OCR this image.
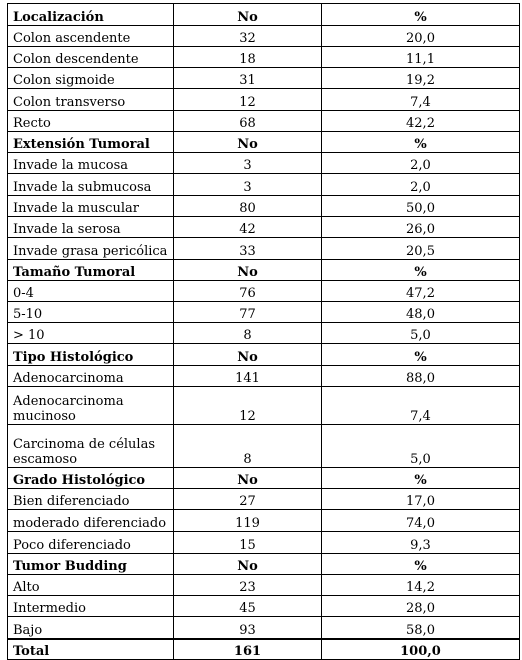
Localización	No	%
Colon ascendente	32	20,0
Colon descendente	18	11,1
Colon sigmoide	31	19,2
Colon transverso	12	7,4
Recto	68	42,2
Extensión Tumoral	No	%
Invade la mucosa	3	2,0
Invade la submucosa	3	2,0
Invade la muscular	80	50,0
Invade la serosa	42	26,0
Invade grasa pericólica	33	20,5
Tamaño Tumoral	No	%
0-4	76	47,2
5-10	77	48,0
> 10	8	5,0
Tipo Histológico	No	%
Adenocarcinoma	141	88,0
Adenocarcinoma mucinoso	12	7,4
Carcinoma de células escamoso	8	5,0
Grado Histológico	No	%
Bien diferenciado	27	17,0
moderado diferenciado	119	74,0
Poco diferenciado	15	9,3
Tumor Budding	No	%
Alto	23	14,2
Intermedio	45	28,0
Bajo	93	58,0
Total	161	100,0
